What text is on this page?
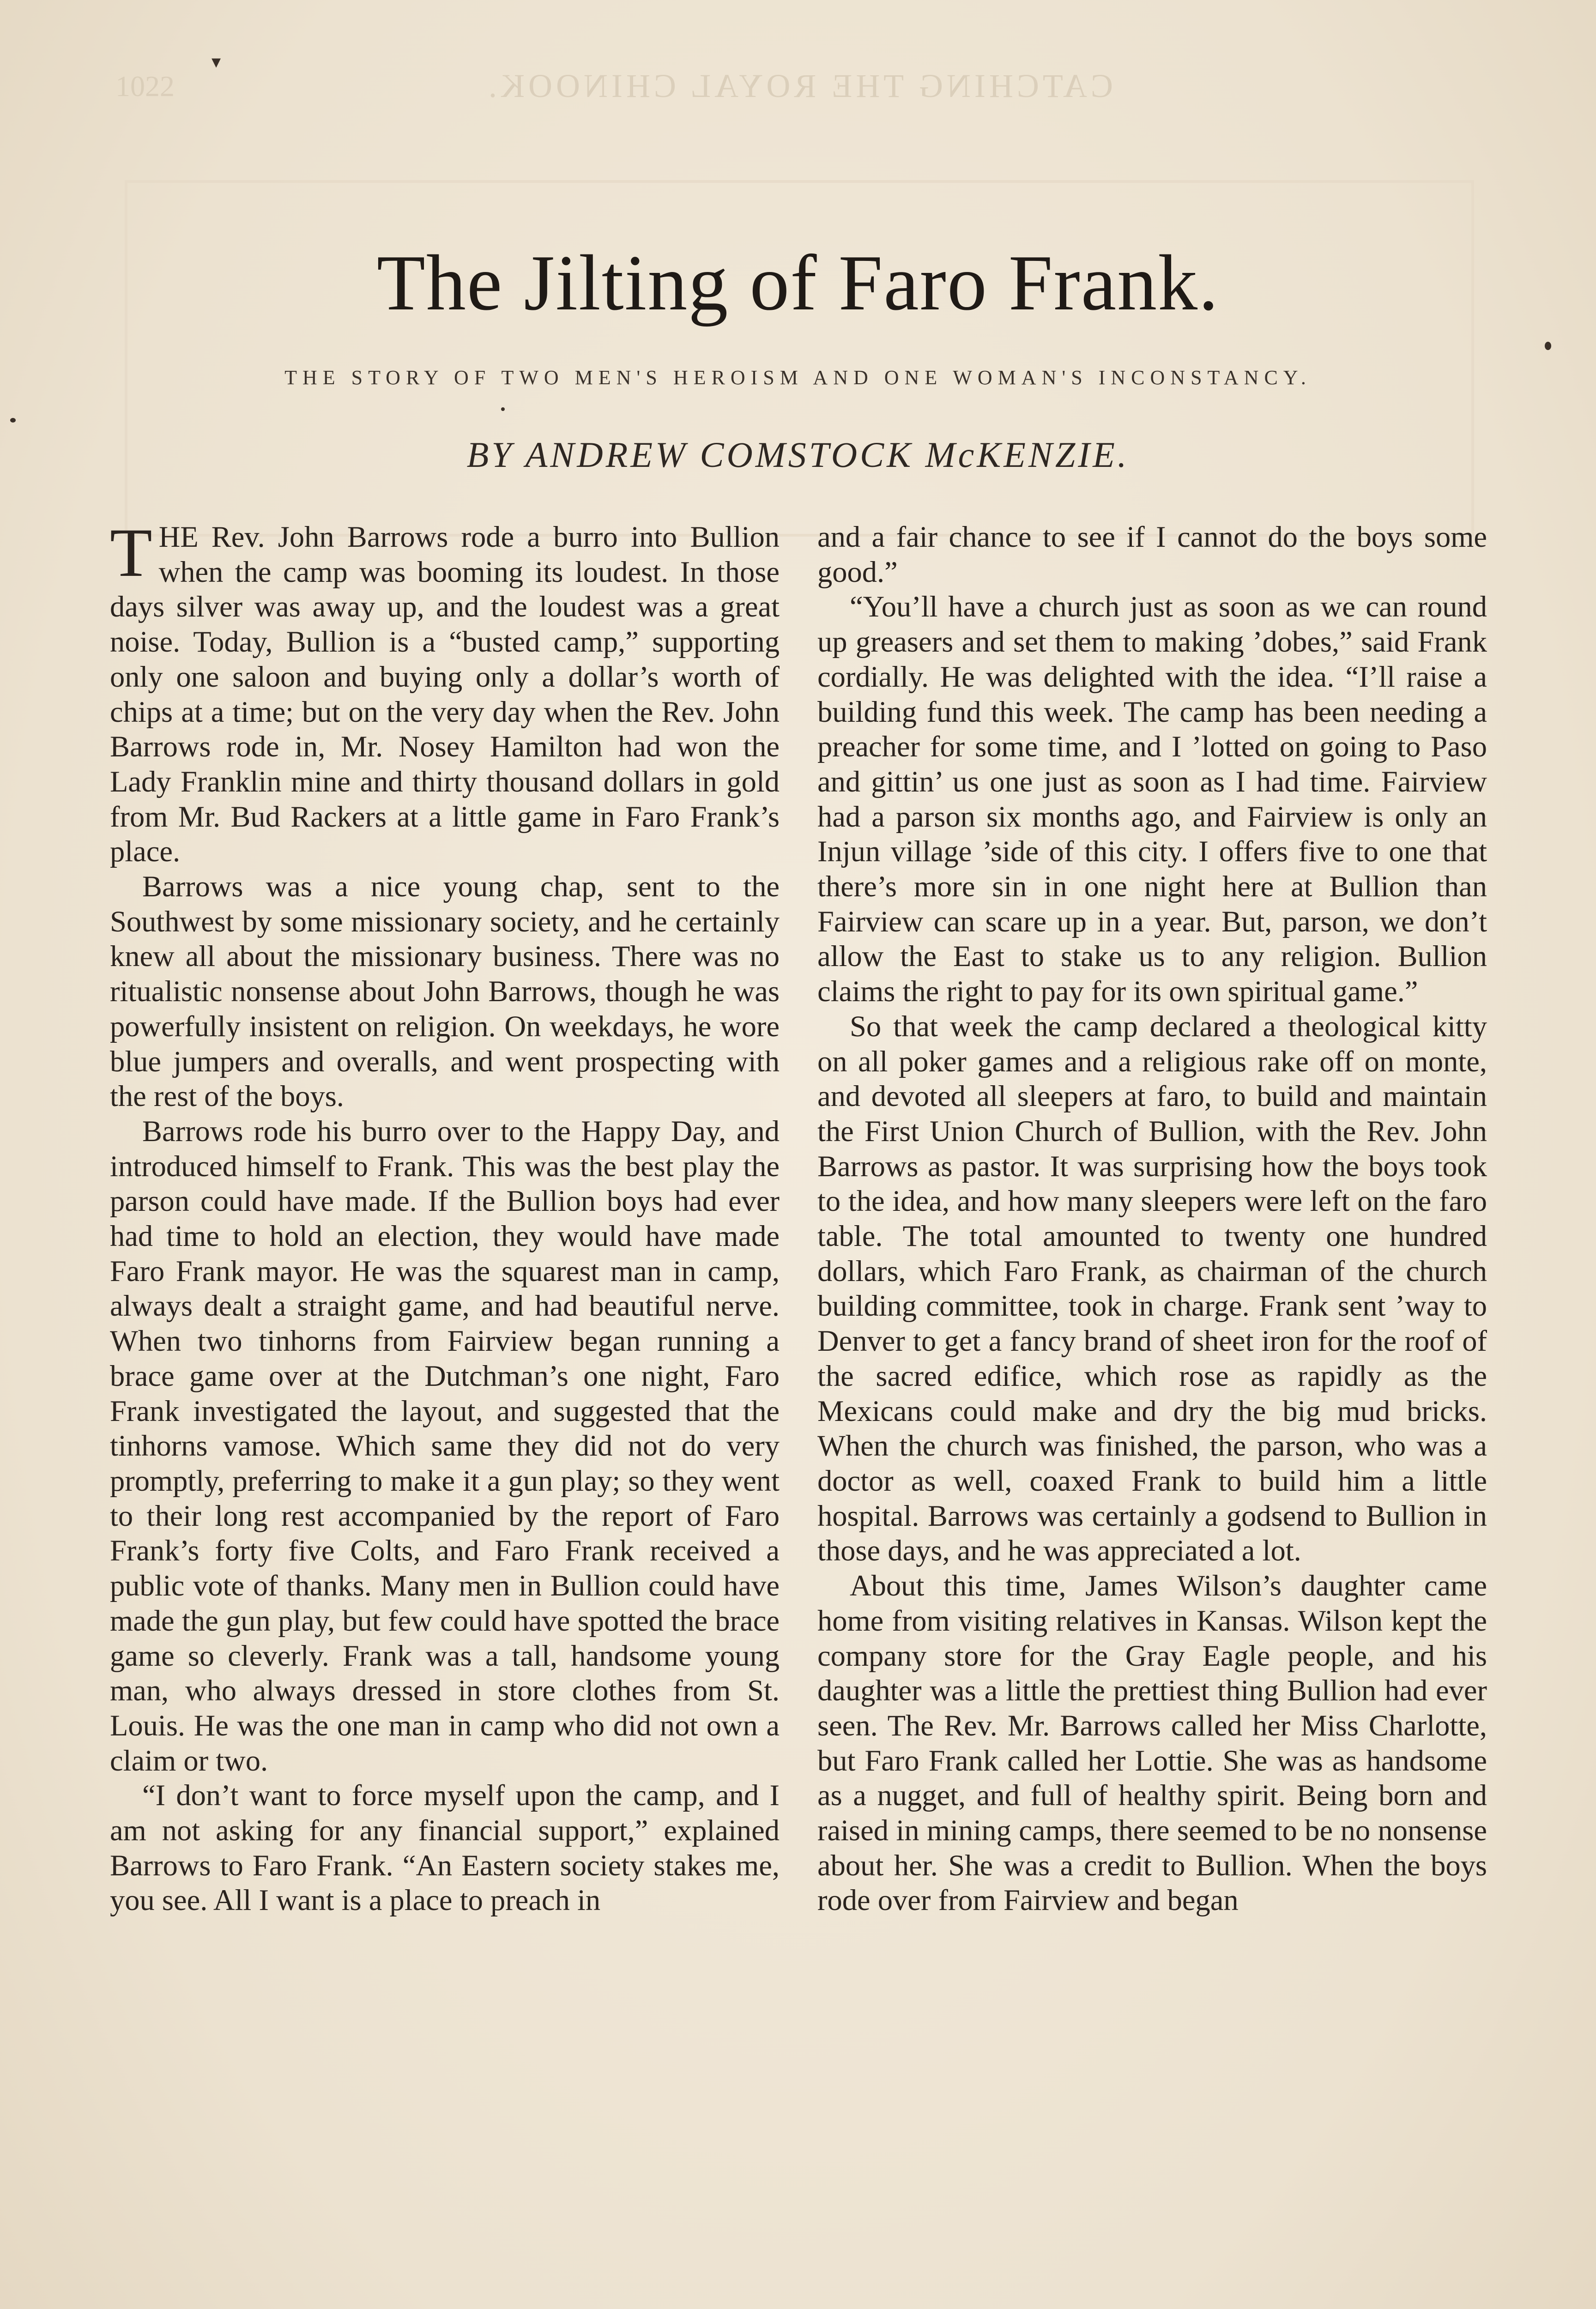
1022	CATCHING THE ROYAL CHINOOK.
▾
The Jilting of Faro Frank.
THE STORY OF TWO MEN'S HEROISM AND ONE WOMAN'S INCONSTANCY.
BY ANDREW COMSTOCK McKENZIE.

THE Rev. John Barrows rode a burro into Bullion when the camp was booming its loudest. In those days silver was away up, and the loudest was a great noise. Today, Bullion is a “busted camp,” supporting only one saloon and buying only a dollar’s worth of chips at a time; but on the very day when the Rev. John Barrows rode in, Mr. Nosey Hamilton had won the Lady Franklin mine and thirty thousand dollars in gold from Mr. Bud Rackers at a little game in Faro Frank’s place.

Barrows was a nice young chap, sent to the Southwest by some missionary society, and he certainly knew all about the missionary business. There was no ritualistic nonsense about John Barrows, though he was powerfully insistent on religion. On weekdays, he wore blue jumpers and overalls, and went prospecting with the rest of the boys.

Barrows rode his burro over to the Happy Day, and introduced himself to Frank. This was the best play the parson could have made. If the Bullion boys had ever had time to hold an election, they would have made Faro Frank mayor. He was the squarest man in camp, always dealt a straight game, and had beautiful nerve. When two tinhorns from Fairview began running a brace game over at the Dutchman’s one night, Faro Frank investigated the layout, and suggested that the tinhorns vamose. Which same they did not do very promptly, preferring to make it a gun play; so they went to their long rest accompanied by the report of Faro Frank’s forty five Colts, and Faro Frank received a public vote of thanks. Many men in Bullion could have made the gun play, but few could have spotted the brace game so cleverly. Frank was a tall, handsome young man, who always dressed in store clothes from St. Louis. He was the one man in camp who did not own a claim or two.

“I don’t want to force myself upon the camp, and I am not asking for any financial support,” explained Barrows to Faro Frank. “An Eastern society stakes me, you see. All I want is a place to preach in

and a fair chance to see if I cannot do the boys some good.”

“You’ll have a church just as soon as we can round up greasers and set them to making ’dobes,” said Frank cordially. He was delighted with the idea. “I’ll raise a building fund this week. The camp has been needing a preacher for some time, and I ’lotted on going to Paso and gittin’ us one just as soon as I had time. Fairview had a parson six months ago, and Fairview is only an Injun village ’side of this city. I offers five to one that there’s more sin in one night here at Bullion than Fairview can scare up in a year. But, parson, we don’t allow the East to stake us to any religion. Bullion claims the right to pay for its own spiritual game.”

So that week the camp declared a theological kitty on all poker games and a religious rake off on monte, and devoted all sleepers at faro, to build and maintain the First Union Church of Bullion, with the Rev. John Barrows as pastor. It was surprising how the boys took to the idea, and how many sleepers were left on the faro table. The total amounted to twenty one hundred dollars, which Faro Frank, as chairman of the church building committee, took in charge. Frank sent ’way to Denver to get a fancy brand of sheet iron for the roof of the sacred edifice, which rose as rapidly as the Mexicans could make and dry the big mud bricks. When the church was finished, the parson, who was a doctor as well, coaxed Frank to build him a little hospital. Barrows was certainly a godsend to Bullion in those days, and he was appreciated a lot.

About this time, James Wilson’s daughter came home from visiting relatives in Kansas. Wilson kept the company store for the Gray Eagle people, and his daughter was a little the prettiest thing Bullion had ever seen. The Rev. Mr. Barrows called her Miss Charlotte, but Faro Frank called her Lottie. She was as handsome as a nugget, and full of healthy spirit. Being born and raised in mining camps, there seemed to be no nonsense about her. She was a credit to Bullion. When the boys rode over from Fairview and began
